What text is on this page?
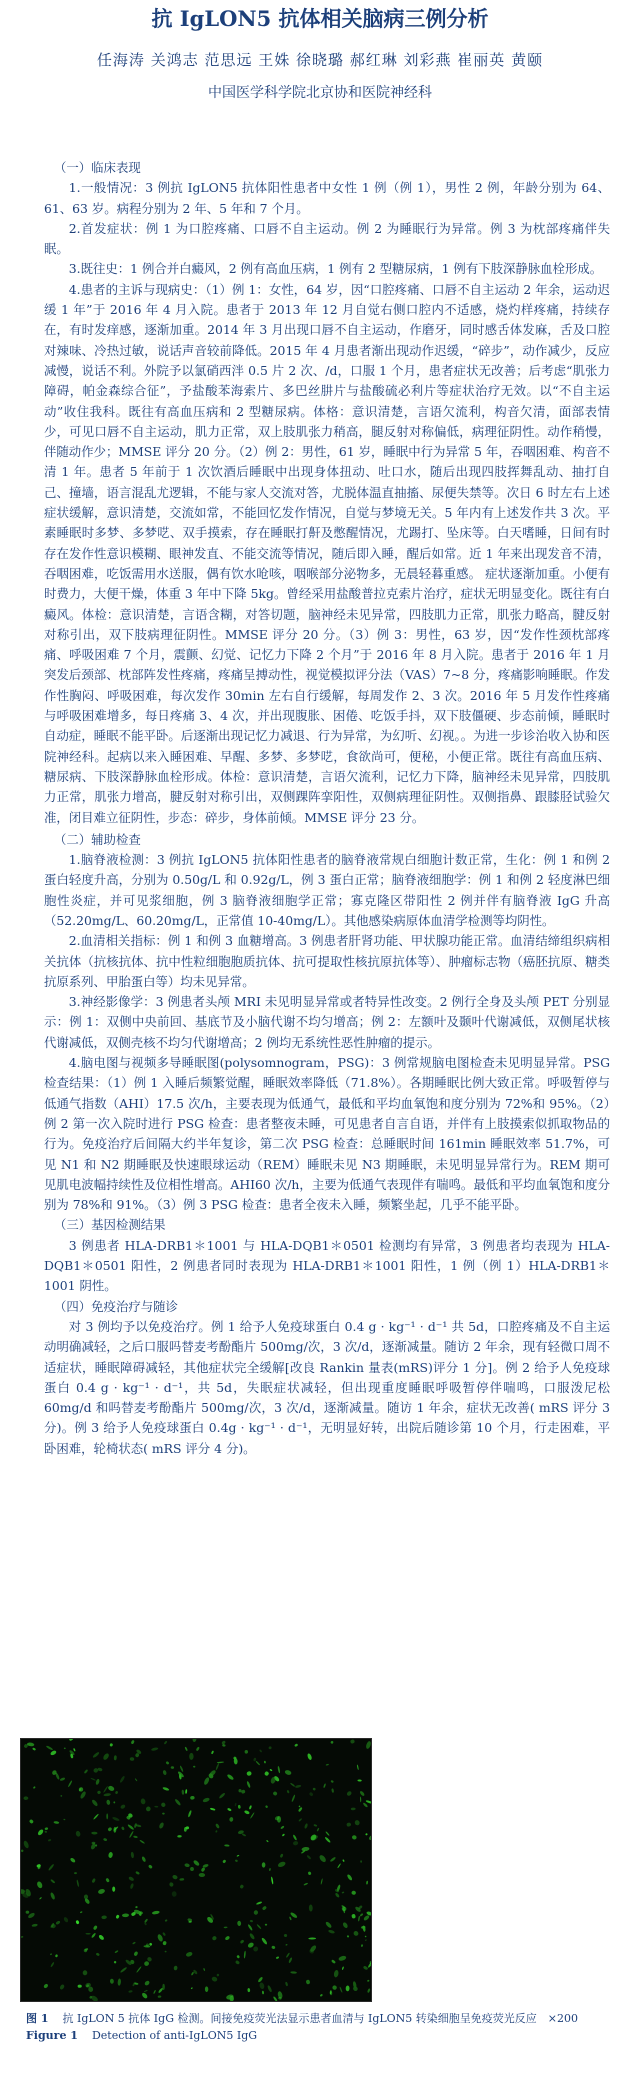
抗 IgLON5 抗体相关脑病三例分析
任海涛 关鸿志 范思远 王姝 徐晓璐 郝红琳 刘彩燕 崔丽英 黄颐
中国医学科学院北京协和医院神经科

（一）临床表现

1.一般情况：3 例抗 IgLON5 抗体阳性患者中女性 1 例（例 1），男性 2 例，年龄分别为 64、61、63 岁。病程分别为 2 年、5 年和 7 个月。

2.首发症状：例 1 为口腔疼痛、口唇不自主运动。例 2 为睡眠行为异常。例 3 为枕部疼痛伴失眠。

3.既往史：1 例合并白癜风，2 例有高血压病，1 例有 2 型糖尿病，1 例有下肢深静脉血栓形成。

4.患者的主诉与现病史：（1）例 1：女性，64 岁，因“口腔疼痛、口唇不自主运动 2 年余，运动迟缓 1 年”于 2016 年 4 月入院。患者于 2013 年 12 月自觉右侧口腔内不适感，烧灼样疼痛，持续存在，有时发痒感，逐渐加重。2014 年 3 月出现口唇不自主运动，作磨牙，同时感舌体发麻，舌及口腔对辣味、冷热过敏，说话声音较前降低。2015 年 4 月患者渐出现动作迟缓，“碎步”，动作减少，反应减慢，说话不利。外院予以氯硝西泮 0.5 片 2 次、/d，口服 1 个月，患者症状无改善；后考虑“肌张力障碍，帕金森综合征”，予盐酸苯海索片、多巴丝肼片与盐酸硫必利片等症状治疗无效。以“不自主运动”收住我科。既往有高血压病和 2 型糖尿病。体格：意识清楚，言语欠流利，构音欠清，面部表情少，可见口唇不自主运动，肌力正常，双上肢肌张力稍高，腿反射对称偏低，病理征阴性。动作稍慢，伴随动作少；MMSE 评分 20 分。（2）例 2：男性，61 岁，睡眠中行为异常 5 年，吞咽困难、构音不清 1 年。患者 5 年前于 1 次饮酒后睡眠中出现身体扭动、吐口水，随后出现四肢挥舞乱动、抽打自己、撞墙，语言混乱尤逻辑，不能与家人交流对答，尤脱体温直抽搐、尿便失禁等。次日 6 时左右上述症状缓解，意识清楚，交流如常，不能回忆发作情况，自觉与梦境无关。5 年内有上述发作共 3 次。平素睡眠时多梦、多梦呓、双手摸索，存在睡眠打鼾及憋醒情况，尤踢打、坠床等。白天嗜睡，日间有时存在发作性意识模糊、眼神发直、不能交流等情况，随后即入睡，醒后如常。近 1 年来出现发音不清，吞咽困难，吃饭需用水送服，偶有饮水呛咳，咽喉部分泌物多，无晨轻暮重感。 症状逐渐加重。小便有时费力，大便干燥，体重 3 年中下降 5kg。曾经采用盐酸普拉克索片治疗，症状无明显变化。既往有白癜风。体检：意识清楚，言语含糊，对答切题，脑神经未见异常，四肢肌力正常，肌张力略高，腱反射对称引出，双下肢病理征阴性。MMSE 评分 20 分。（3）例 3：男性，63 岁，因“发作性颈枕部疼痛、呼吸困难 7 个月，震颤、幻觉、记忆力下降 2 个月”于 2016 年 8 月入院。患者于 2016 年 1 月突发后颈部、枕部阵发性疼痛，疼痛呈搏动性，视觉模拟评分法（VAS）7~8 分，疼痛影响睡眠。作发作性胸闷、呼吸困难，每次发作 30min 左右自行缓解，每周发作 2、3 次。2016 年 5 月发作性疼痛与呼吸困难增多，每日疼痛 3、4 次，并出现腹胀、困倦、吃饭手抖，双下肢僵硬、步态前倾，睡眠时自动症，睡眠不能平卧。后逐渐出现记忆力减退、行为异常，为幻听、幻视。。为进一步诊治收入协和医院神经科。起病以来入睡困难、早醒、多梦、多梦呓，食欲尚可，便秘，小便正常。既往有高血压病、糖尿病、下肢深静脉血栓形成。体检：意识清楚，言语欠流利，记忆力下降，脑神经未见异常，四肢肌力正常，肌张力增高，腱反射对称引出，双侧踝阵挛阳性，双侧病理征阴性。双侧指鼻、跟膝胫试验欠准，闭目难立征阴性，步态：碎步，身体前倾。MMSE 评分 23 分。

（二）辅助检查

1.脑脊液检测：3 例抗 IgLON5 抗体阳性患者的脑脊液常规白细胞计数正常，生化：例 1 和例 2 蛋白轻度升高，分别为 0.50g/L 和 0.92g/L，例 3 蛋白正常；脑脊液细胞学：例 1 和例 2 轻度淋巴细胞性炎症，并可见浆细胞，例 3 脑脊液细胞学正常；寡克隆区带阳性 2 例并伴有脑脊液 IgG 升高（52.20mg/L、60.20mg/L，正常值 10-40mg/L）。其他感染病原体血清学检测等均阴性。

2.血清相关指标：例 1 和例 3 血糖增高。3 例患者肝肾功能、甲状腺功能正常。血清结缔组织病相关抗体（抗核抗体、抗中性粒细胞胞质抗体、抗可提取性核抗原抗体等）、肿瘤标志物（癌胚抗原、糖类抗原系列、甲胎蛋白等）均未见异常。

3.神经影像学：3 例患者头颅 MRI 未见明显异常或者特异性改变。2 例行全身及头颅 PET 分别显示：例 1：双侧中央前回、基底节及小脑代谢不均匀增高；例 2：左额叶及颞叶代谢减低，双侧尾状核代谢减低，双侧壳核不均匀代谢增高；2 例均无系统性恶性肿瘤的提示。

4.脑电图与视频多导睡眠图(polysomnogram，PSG)：3 例常规脑电图检查未见明显异常。PSG 检查结果：（1）例 1 入睡后频繁觉醒，睡眠效率降低（71.8%）。各期睡眠比例大致正常。呼吸暂停与低通气指数（AHI）17.5 次/h，主要表现为低通气，最低和平均血氧饱和度分别为 72%和 95%。（2）例 2 第一次入院时进行 PSG 检查：患者整夜未睡，可见患者自言自语，并伴有上肢摸索似抓取物品的行为。免疫治疗后间隔大约半年复诊，第二次 PSG 检查：总睡眠时间 161min 睡眠效率 51.7%，可见 N1 和 N2 期睡眠及快速眼球运动（REM）睡眠未见 N3 期睡眠，未见明显异常行为。REM 期可见肌电波幅持续性及位相性增高。AHI60 次/h，主要为低通气表现伴有喘鸣。最低和平均血氧饱和度分别为 78%和 91%。（3）例 3 PSG 检查：患者全夜未入睡，频繁坐起，几乎不能平卧。

（三）基因检测结果

3 例患者 HLA-DRB1＊1001 与 HLA-DQB1＊0501 检测均有异常，3 例患者均表现为 HLA-DQB1＊0501 阳性，2 例患者同时表现为 HLA-DRB1＊1001 阳性，1 例（例 1）HLA-DRB1＊1001 阴性。

（四）免疫治疗与随诊

对 3 例均予以免疫治疗。例 1 给予人免疫球蛋白 0.4 g · kg⁻¹ · d⁻¹ 共 5d，口腔疼痛及不自主运动明确减轻，之后口服吗替麦考酚酯片 500mg/次，3 次/d，逐渐减量。随访 2 年余，现有轻微口周不适症状，睡眠障碍减轻，其他症状完全缓解[改良 Rankin 量表(mRS)评分 1 分]。例 2 给予人免疫球蛋白 0.4 g · kg⁻¹ · d⁻¹，共 5d，失眠症状减轻，但出现重度睡眠呼吸暂停伴喘鸣，口服泼尼松 60mg/d 和吗替麦考酚酯片 500mg/次，3 次/d，逐渐减量。随访 1 年余，症状无改善( mRS 评分 3 分)。例 3 给予人免疫球蛋白 0.4g · kg⁻¹ · d⁻¹，无明显好转，出院后随诊第 10 个月，行走困难，平卧困难，轮椅状态( mRS 评分 4 分)。

图 1 抗 IgLON 5 抗体 IgG 检测。间接免疫荧光法显示患者血清与 IgLON5 转染细胞呈免疫荧光反应　×200
Figure 1 Detection of anti-IgLON5 IgG
